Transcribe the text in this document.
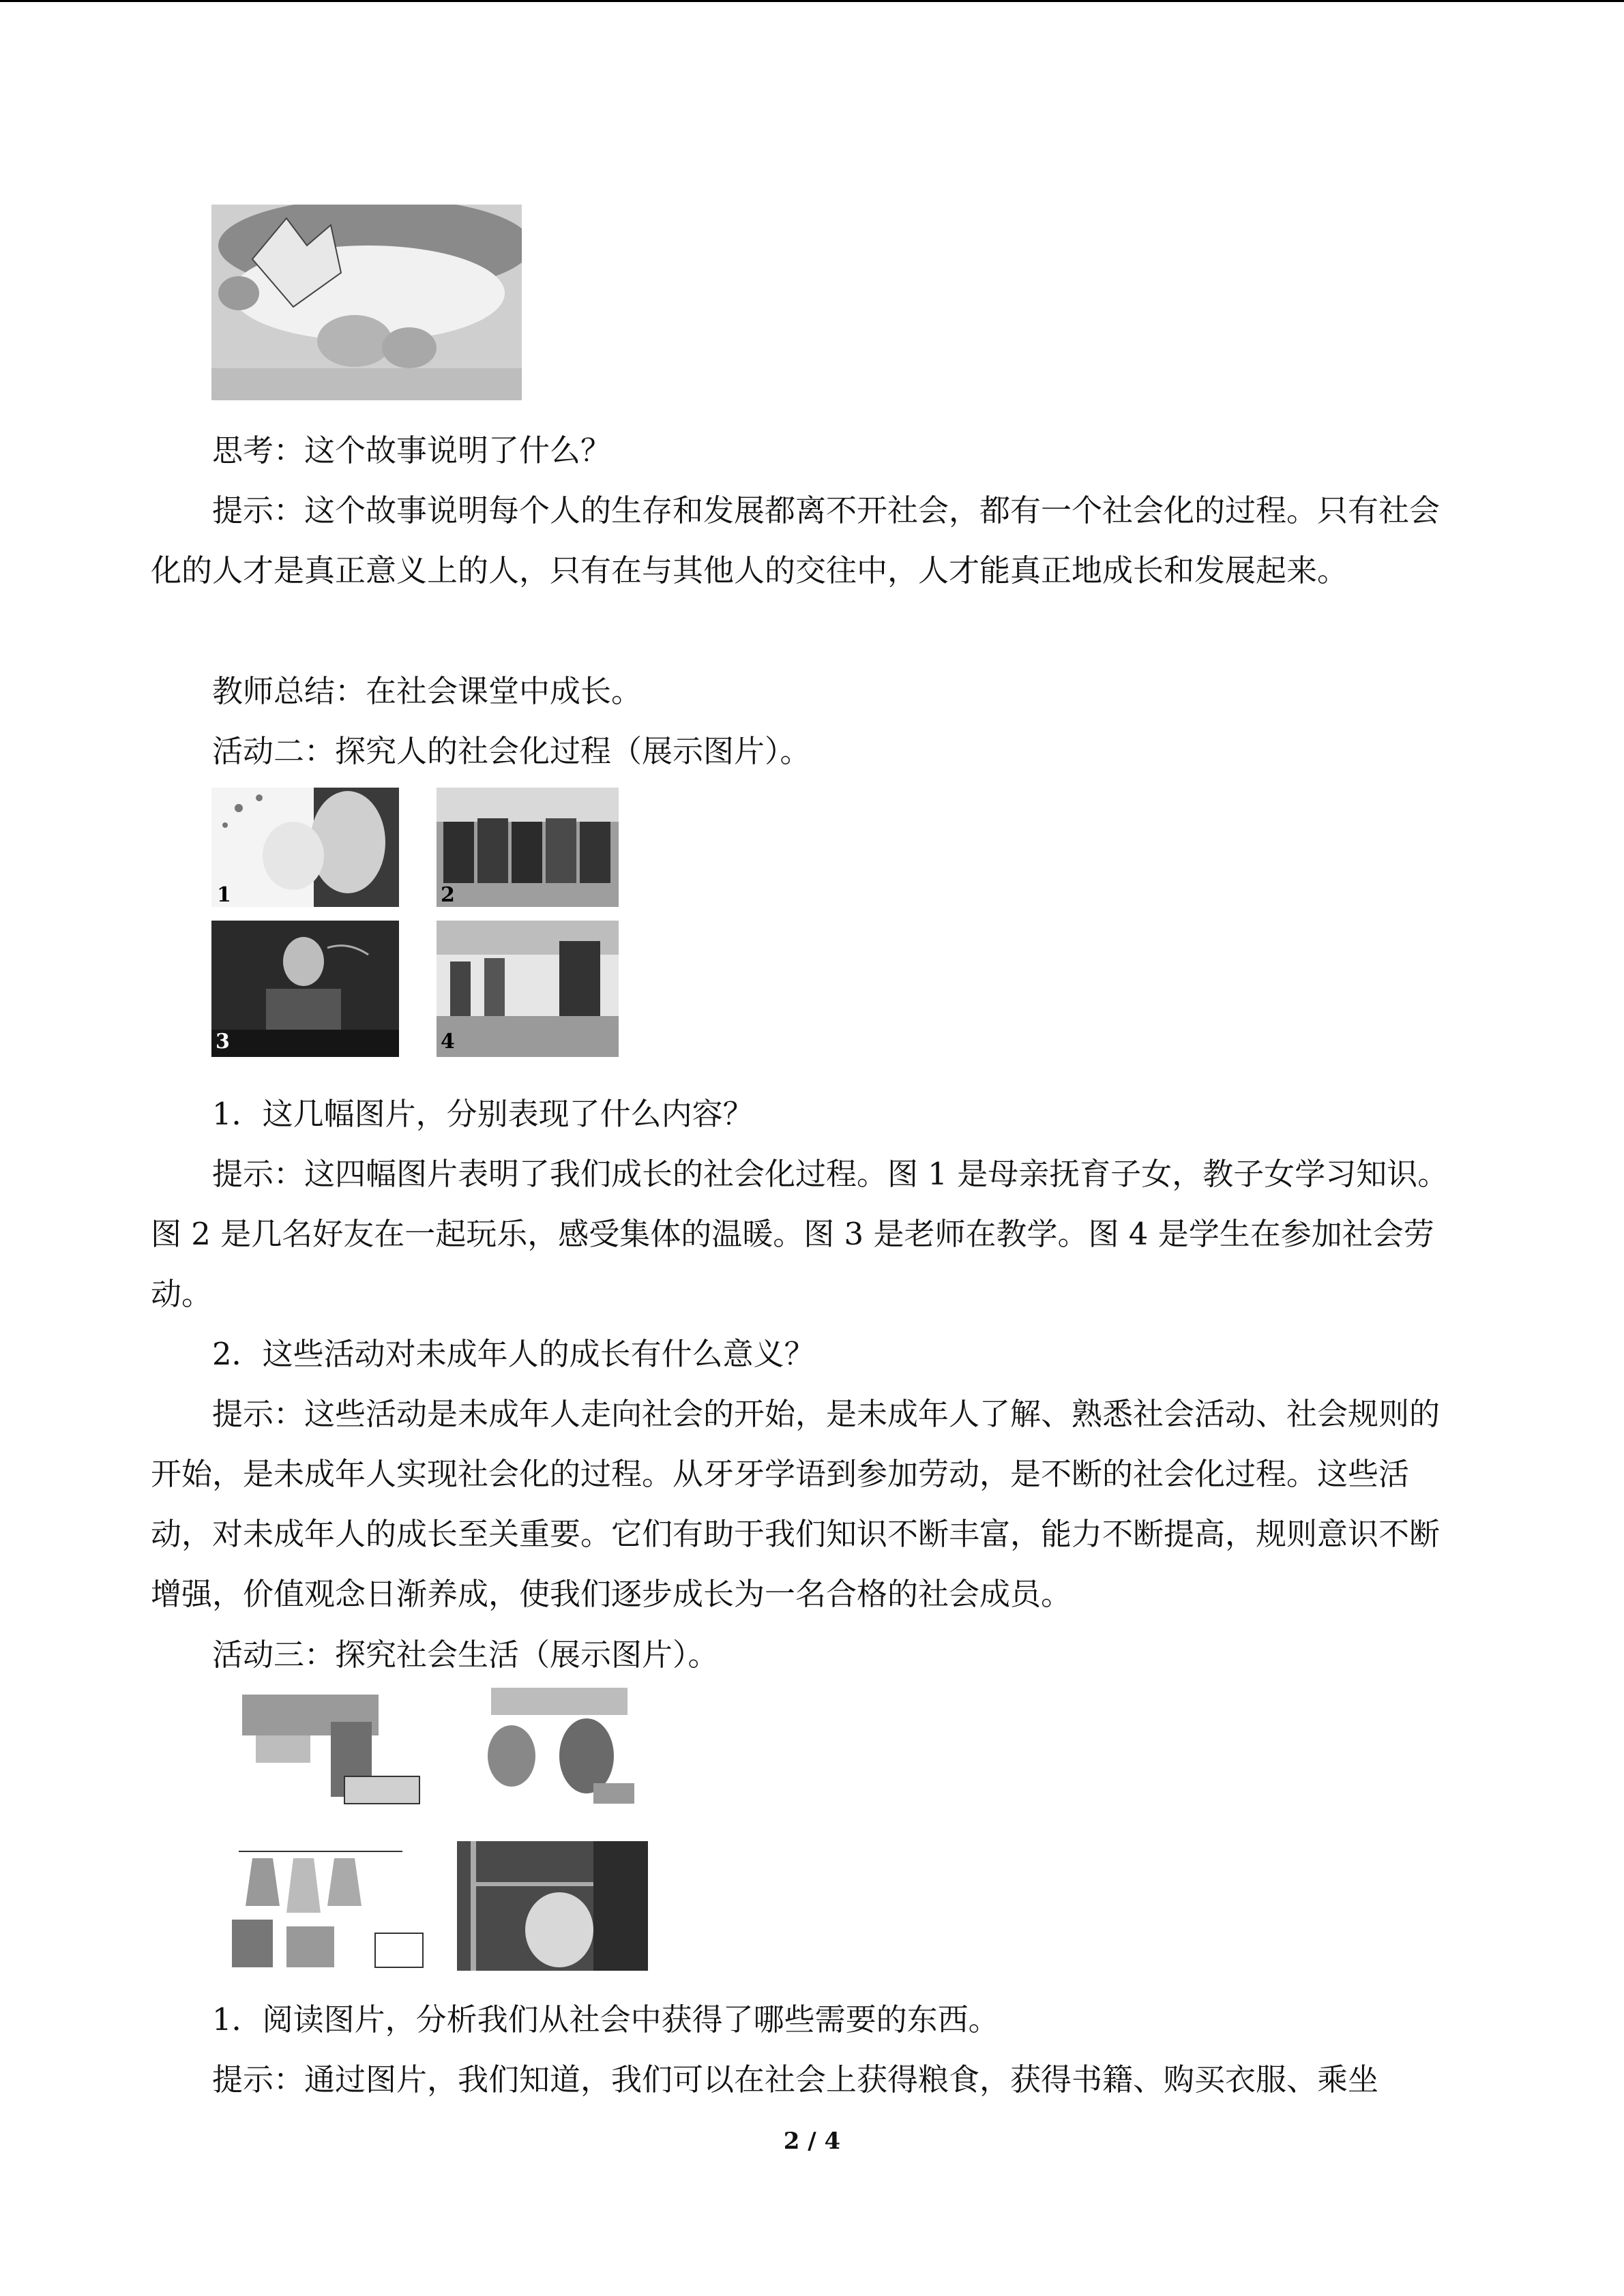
思考：这个故事说明了什么？

提示：这个故事说明每个人的生存和发展都离不开社会，都有一个社会化的过程。只有社会化的人才是真正意义上的人，只有在与其他人的交往中，人才能真正地成长和发展起来。

教师总结：在社会课堂中成长。

活动二：探究人的社会化过程（展示图片）。

1	2
3	4

1．这几幅图片，分别表现了什么内容？

提示：这四幅图片表明了我们成长的社会化过程。图 1 是母亲抚育子女，教子女学习知识。图 2 是几名好友在一起玩乐，感受集体的温暖。图 3 是老师在教学。图 4 是学生在参加社会劳动。

2．这些活动对未成年人的成长有什么意义？

提示：这些活动是未成年人走向社会的开始，是未成年人了解、熟悉社会活动、社会规则的开始，是未成年人实现社会化的过程。从牙牙学语到参加劳动，是不断的社会化过程。这些活动，对未成年人的成长至关重要。它们有助于我们知识不断丰富，能力不断提高，规则意识不断增强，价值观念日渐养成，使我们逐步成长为一名合格的社会成员。

活动三：探究社会生活（展示图片）。

1．阅读图片，分析我们从社会中获得了哪些需要的东西。

提示：通过图片，我们知道，我们可以在社会上获得粮食，获得书籍、购买衣服、乘坐

2 / 4
